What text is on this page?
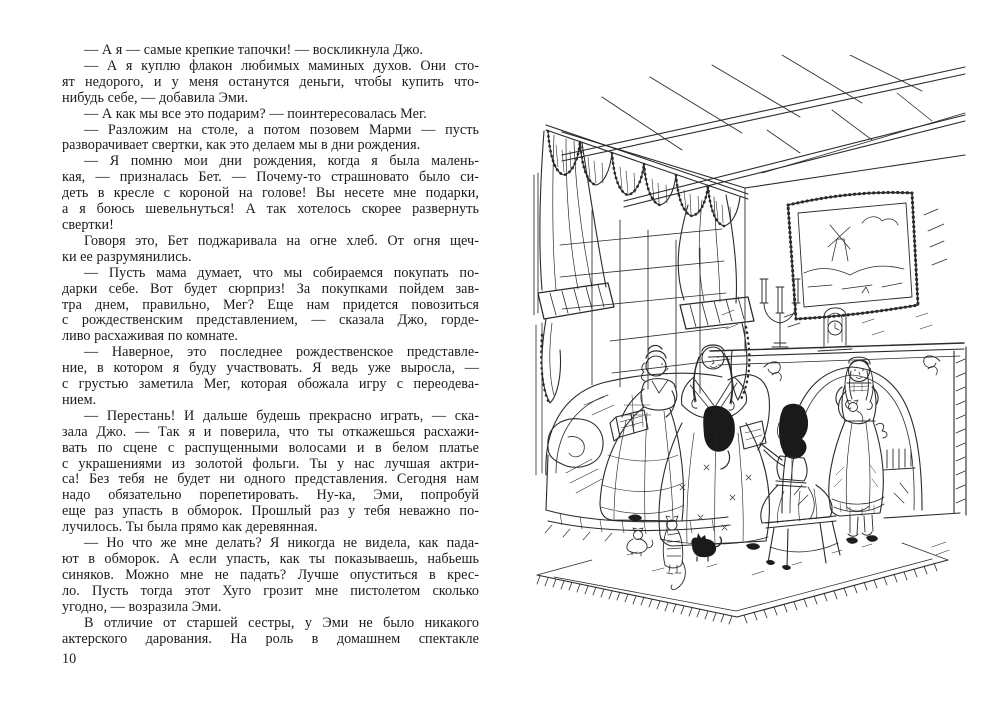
— А я — самые крепкие тапочки! — воскликнула Джо.
— А я куплю флакон любимых маминых духов. Они сто-
ят недорого, и у меня останутся деньги, чтобы купить что-
нибудь себе, — добавила Эми.
— А как мы все это подарим? — поинтересовалась Мег.
— Разложим на столе, а потом позовем Марми — пусть
разворачивает свертки, как это делаем мы в дни рождения.
— Я помню мои дни рождения, когда я была малень-
кая, — призналась Бет. — Почему-то страшновато было си-
деть в кресле с короной на голове! Вы несете мне подарки,
а я боюсь шевельнуться! А так хотелось скорее развернуть
свертки!
Говоря это, Бет поджаривала на огне хлеб. От огня щеч-
ки ее разрумянились.
— Пусть мама думает, что мы собираемся покупать по-
дарки себе. Вот будет сюрприз! За покупками пойдем зав-
тра днем, правильно, Мег? Еще нам придется повозиться
с рождественским представлением, — сказала Джо, горде-
ливо расхаживая по комнате.
— Наверное, это последнее рождественское представле-
ние, в котором я буду участвовать. Я ведь уже выросла, —
с грустью заметила Мег, которая обожала игру с переодева-
нием.
— Перестань! И дальше будешь прекрасно играть, — ска-
зала Джо. — Так я и поверила, что ты откажешься расхажи-
вать по сцене с распущенными волосами и в белом платье
с украшениями из золотой фольги. Ты у нас лучшая актри-
са! Без тебя не будет ни одного представления. Сегодня нам
надо обязательно порепетировать. Ну-ка, Эми, попробуй
еще раз упасть в обморок. Прошлый раз у тебя неважно по-
лучилось. Ты была прямо как деревянная.
— Но что же мне делать? Я никогда не видела, как пада-
ют в обморок. А если упасть, как ты показываешь, набьешь
синяков. Можно мне не падать? Лучше опуститься в крес-
ло. Пусть тогда этот Хуго грозит мне пистолетом сколько
угодно, — возразила Эми.
В отличие от старшей сестры, у Эми не было никакого
актерского дарования. На роль в домашнем спектакле
10
